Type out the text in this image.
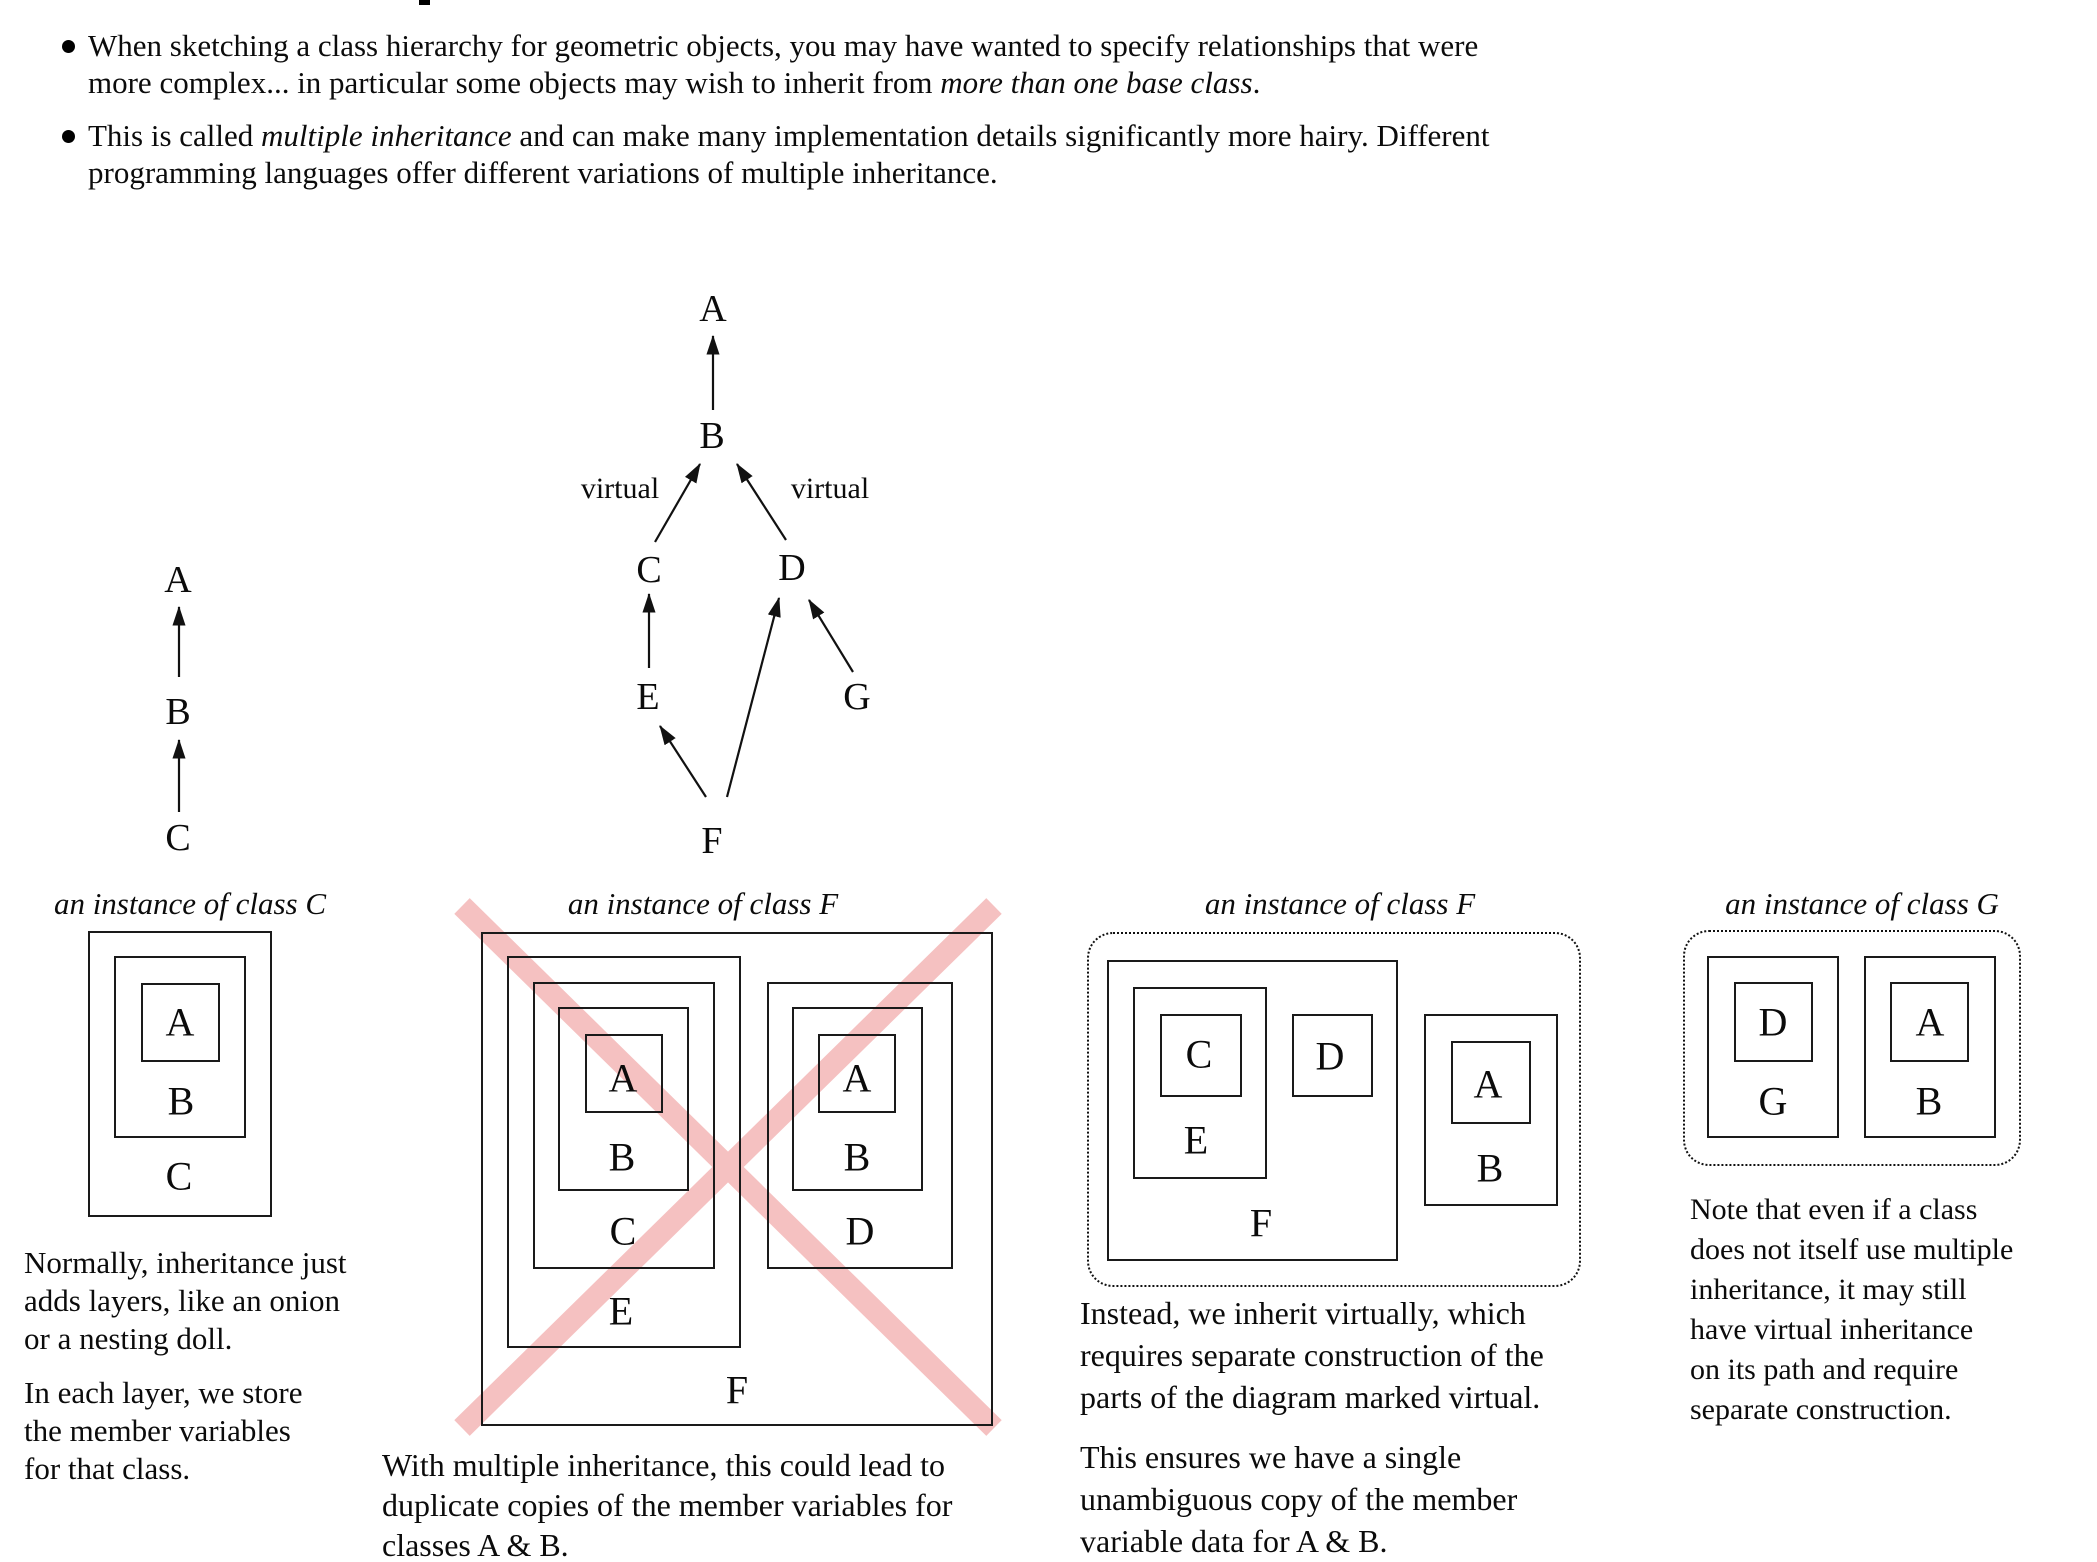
When sketching a class hierarchy for geometric objects, you may have wanted to specify relationships that were
more complex... in particular some objects may wish to inherit from more than one base class.
This is called multiple inheritance and can make many implementation details significantly more hairy. Different
programming languages offer different variations of multiple inheritance.
A
B
C
A
B
virtual	virtual
C	D
E	G
F
an instance of class C
A
B
C
Normally, inheritance just
adds layers, like an onion
or a nesting doll.
In each layer, we store
the member variables
for that class.
an instance of class F
A
B
C
E
A
B
D
F
With multiple inheritance, this could lead to
duplicate copies of the member variables for
classes A & B.
an instance of class F
C	D
E
F
A
B
Instead, we inherit virtually, which
requires separate construction of the
parts of the diagram marked virtual.
This ensures we have a single
unambiguous copy of the member
variable data for A & B.
an instance of class G
D
G
A
B
Note that even if a class
does not itself use multiple
inheritance, it may still
have virtual inheritance
on its path and require
separate construction.
